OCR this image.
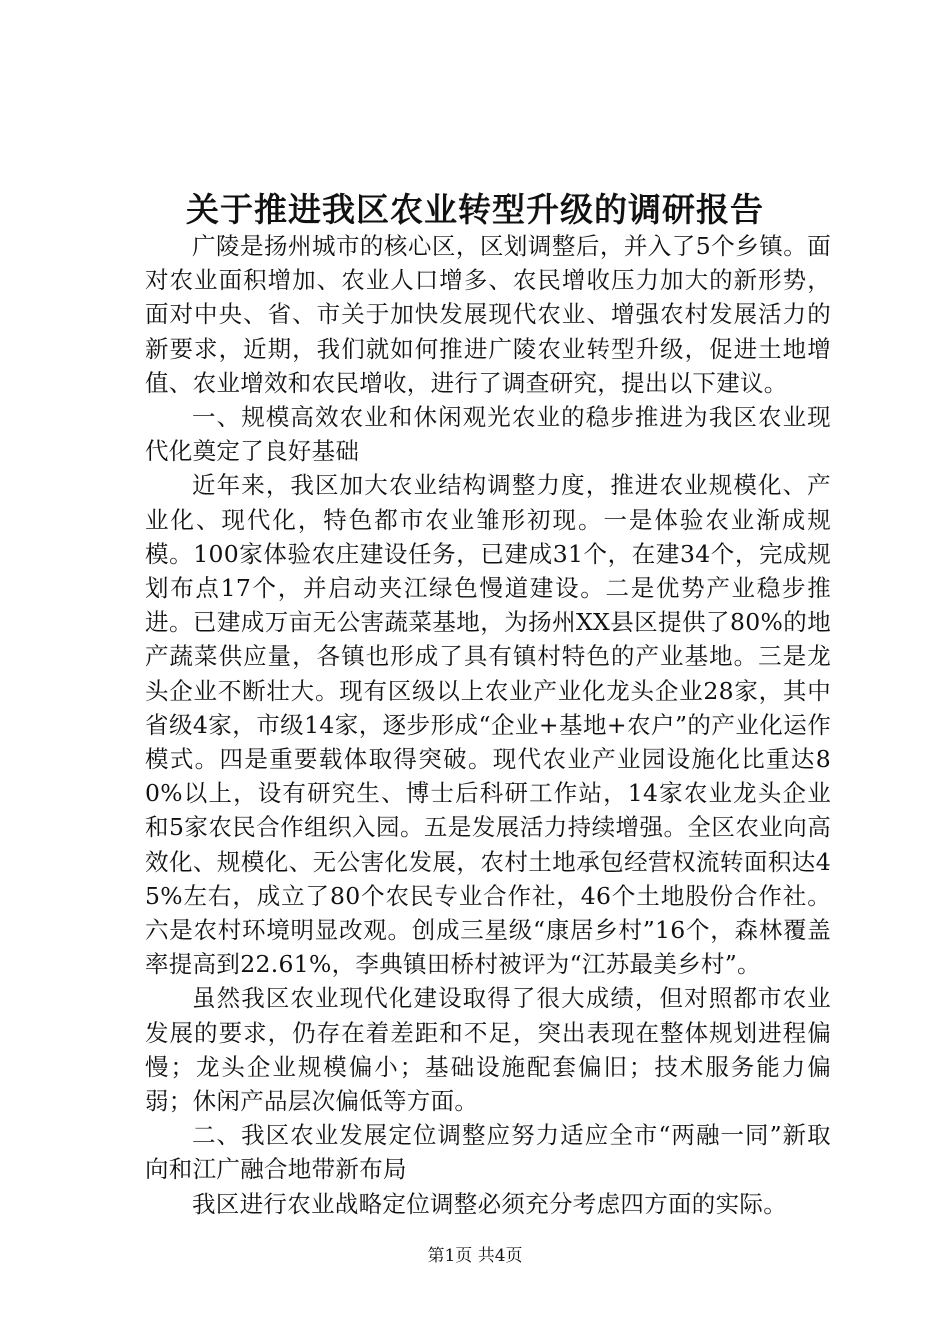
关于推进我区农业转型升级的调研报告

广陵是扬州城市的核心区，区划调整后，并入了5个乡镇。面对农业面积增加、农业人口增多、农民增收压力加大的新形势，面对中央、省、市关于加快发展现代农业、增强农村发展活力的新要求，近期，我们就如何推进广陵农业转型升级，促进土地增值、农业增效和农民增收，进行了调查研究，提出以下建议。

一、规模高效农业和休闲观光农业的稳步推进为我区农业现代化奠定了良好基础

近年来，我区加大农业结构调整力度，推进农业规模化、产业化、现代化，特色都市农业雏形初现。一是体验农业渐成规模。100家体验农庄建设任务，已建成31个，在建34个，完成规划布点17个，并启动夹江绿色慢道建设。二是优势产业稳步推进。已建成万亩无公害蔬菜基地，为扬州XX县区提供了80%的地产蔬菜供应量，各镇也形成了具有镇村特色的产业基地。三是龙头企业不断壮大。现有区级以上农业产业化龙头企业28家，其中省级4家，市级14家，逐步形成“企业+基地+农户”的产业化运作模式。四是重要载体取得突破。现代农业产业园设施化比重达80%以上，设有研究生、博士后科研工作站，14家农业龙头企业和5家农民合作组织入园。五是发展活力持续增强。全区农业向高效化、规模化、无公害化发展，农村土地承包经营权流转面积达45%左右，成立了80个农民专业合作社，46个土地股份合作社。六是农村环境明显改观。创成三星级“康居乡村”16个，森林覆盖率提高到22.61%，李典镇田桥村被评为“江苏最美乡村”。

虽然我区农业现代化建设取得了很大成绩，但对照都市农业发展的要求，仍存在着差距和不足，突出表现在整体规划进程偏慢；龙头企业规模偏小；基础设施配套偏旧；技术服务能力偏弱；休闲产品层次偏低等方面。

二、我区农业发展定位调整应努力适应全市“两融一同”新取向和江广融合地带新布局

我区进行农业战略定位调整必须充分考虑四方面的实际。

第1页 共4页
